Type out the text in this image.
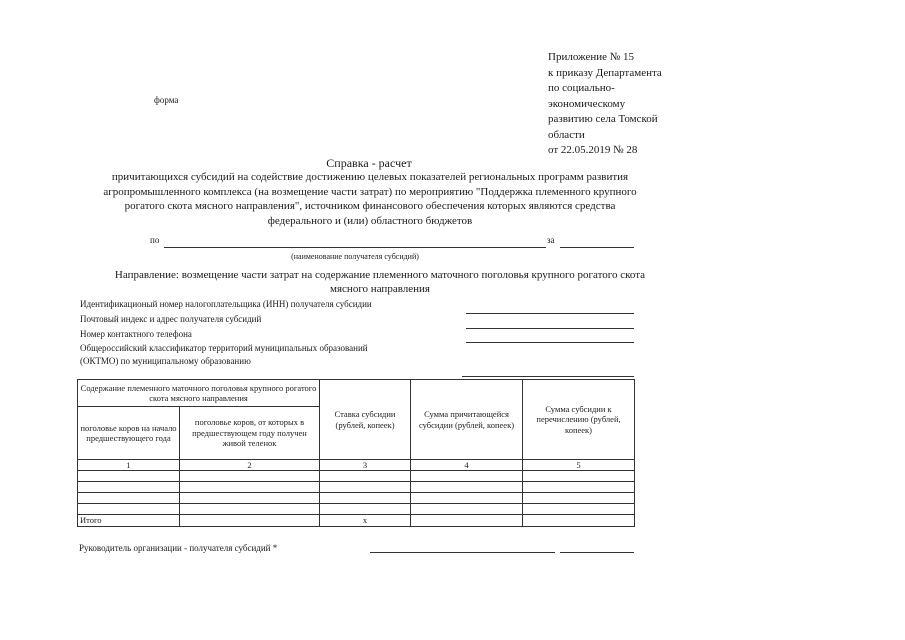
Приложение № 15
к приказу Департамента
по социально-
экономическому
развитию села Томской
области
от 22.05.2019 № 28
форма
Справка - расчет
причитающихся субсидий на содействие достижению целевых показателей региональных программ развития
агропромышленного комплекса (на возмещение части затрат) по мероприятию "Поддержка племенного крупного
рогатого скота мясного направления", источником финансового обеспечения которых являются средства
федерального и (или) областного бюджетов
по	за
(наименование получателя субсидий)
Направление: возмещение части затрат на содержание племенного маточного поголовья крупного рогатого скота
мясного направления
Идентификационый номер налогоплательщика (ИНН) получателя субсидии
Почтовый индекс и адрес получателя субсидий
Номер контактного телефона
Общероссийский классификатор территорий муниципальных образований
(ОКТМО) по муниципальному образованию
Содержание племенного маточного поголовья крупного рогатого скота мясного направления		Ставка субсидии (рублей, копеек)	Сумма причитающейся субсидии (рублей, копеек)	Сумма субсидии к перечислению (рублей, копеек)
поголовье коров на начало предшествующего года	поголовье коров, от которых в предшествующем году получен живой теленок			
1	2	3	4	5

Итого		х		
Руководитель организации - получателя субсидий *
